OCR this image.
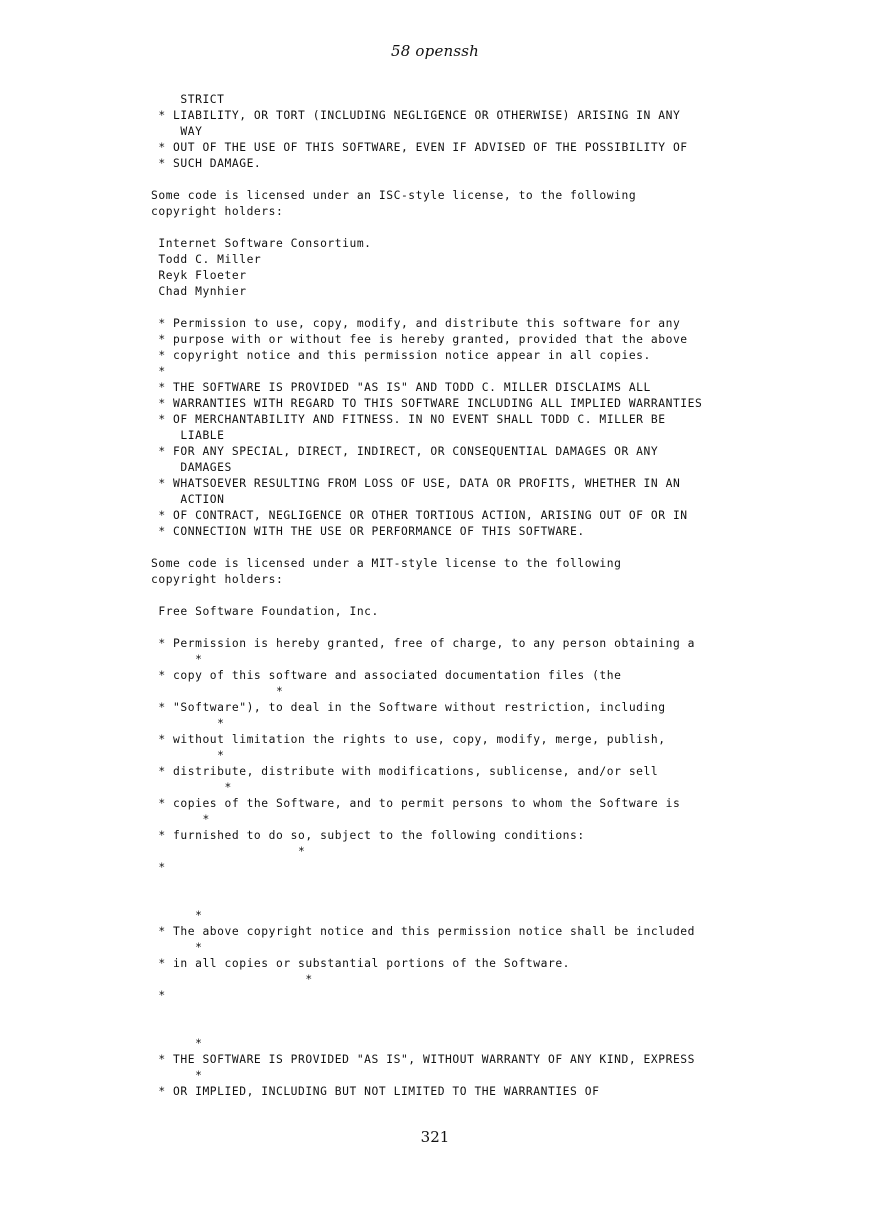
58 openssh
STRICT
* LIABILITY, OR TORT (INCLUDING NEGLIGENCE OR OTHERWISE) ARISING IN ANY
WAY
* OUT OF THE USE OF THIS SOFTWARE, EVEN IF ADVISED OF THE POSSIBILITY OF
* SUCH DAMAGE.
Some code is licensed under an ISC-style license, to the following
copyright holders:
Internet Software Consortium.
Todd C. Miller
Reyk Floeter
Chad Mynhier
* Permission to use, copy, modify, and distribute this software for any
* purpose with or without fee is hereby granted, provided that the above
* copyright notice and this permission notice appear in all copies.
*
* THE SOFTWARE IS PROVIDED "AS IS" AND TODD C. MILLER DISCLAIMS ALL
* WARRANTIES WITH REGARD TO THIS SOFTWARE INCLUDING ALL IMPLIED WARRANTIES
* OF MERCHANTABILITY AND FITNESS. IN NO EVENT SHALL TODD C. MILLER BE
LIABLE
* FOR ANY SPECIAL, DIRECT, INDIRECT, OR CONSEQUENTIAL DAMAGES OR ANY
DAMAGES
* WHATSOEVER RESULTING FROM LOSS OF USE, DATA OR PROFITS, WHETHER IN AN
ACTION
* OF CONTRACT, NEGLIGENCE OR OTHER TORTIOUS ACTION, ARISING OUT OF OR IN
* CONNECTION WITH THE USE OR PERFORMANCE OF THIS SOFTWARE.
Some code is licensed under a MIT-style license to the following
copyright holders:
Free Software Foundation, Inc.
* Permission is hereby granted, free of charge, to any person obtaining a
*
* copy of this software and associated documentation files (the
*
* "Software"), to deal in the Software without restriction, including
*
* without limitation the rights to use, copy, modify, merge, publish,
*
* distribute, distribute with modifications, sublicense, and/or sell
*
* copies of the Software, and to permit persons to whom the Software is
*
* furnished to do so, subject to the following conditions:
*
*
*
* The above copyright notice and this permission notice shall be included
*
* in all copies or substantial portions of the Software.
*
*
*
* THE SOFTWARE IS PROVIDED "AS IS", WITHOUT WARRANTY OF ANY KIND, EXPRESS
*
* OR IMPLIED, INCLUDING BUT NOT LIMITED TO THE WARRANTIES OF
321
